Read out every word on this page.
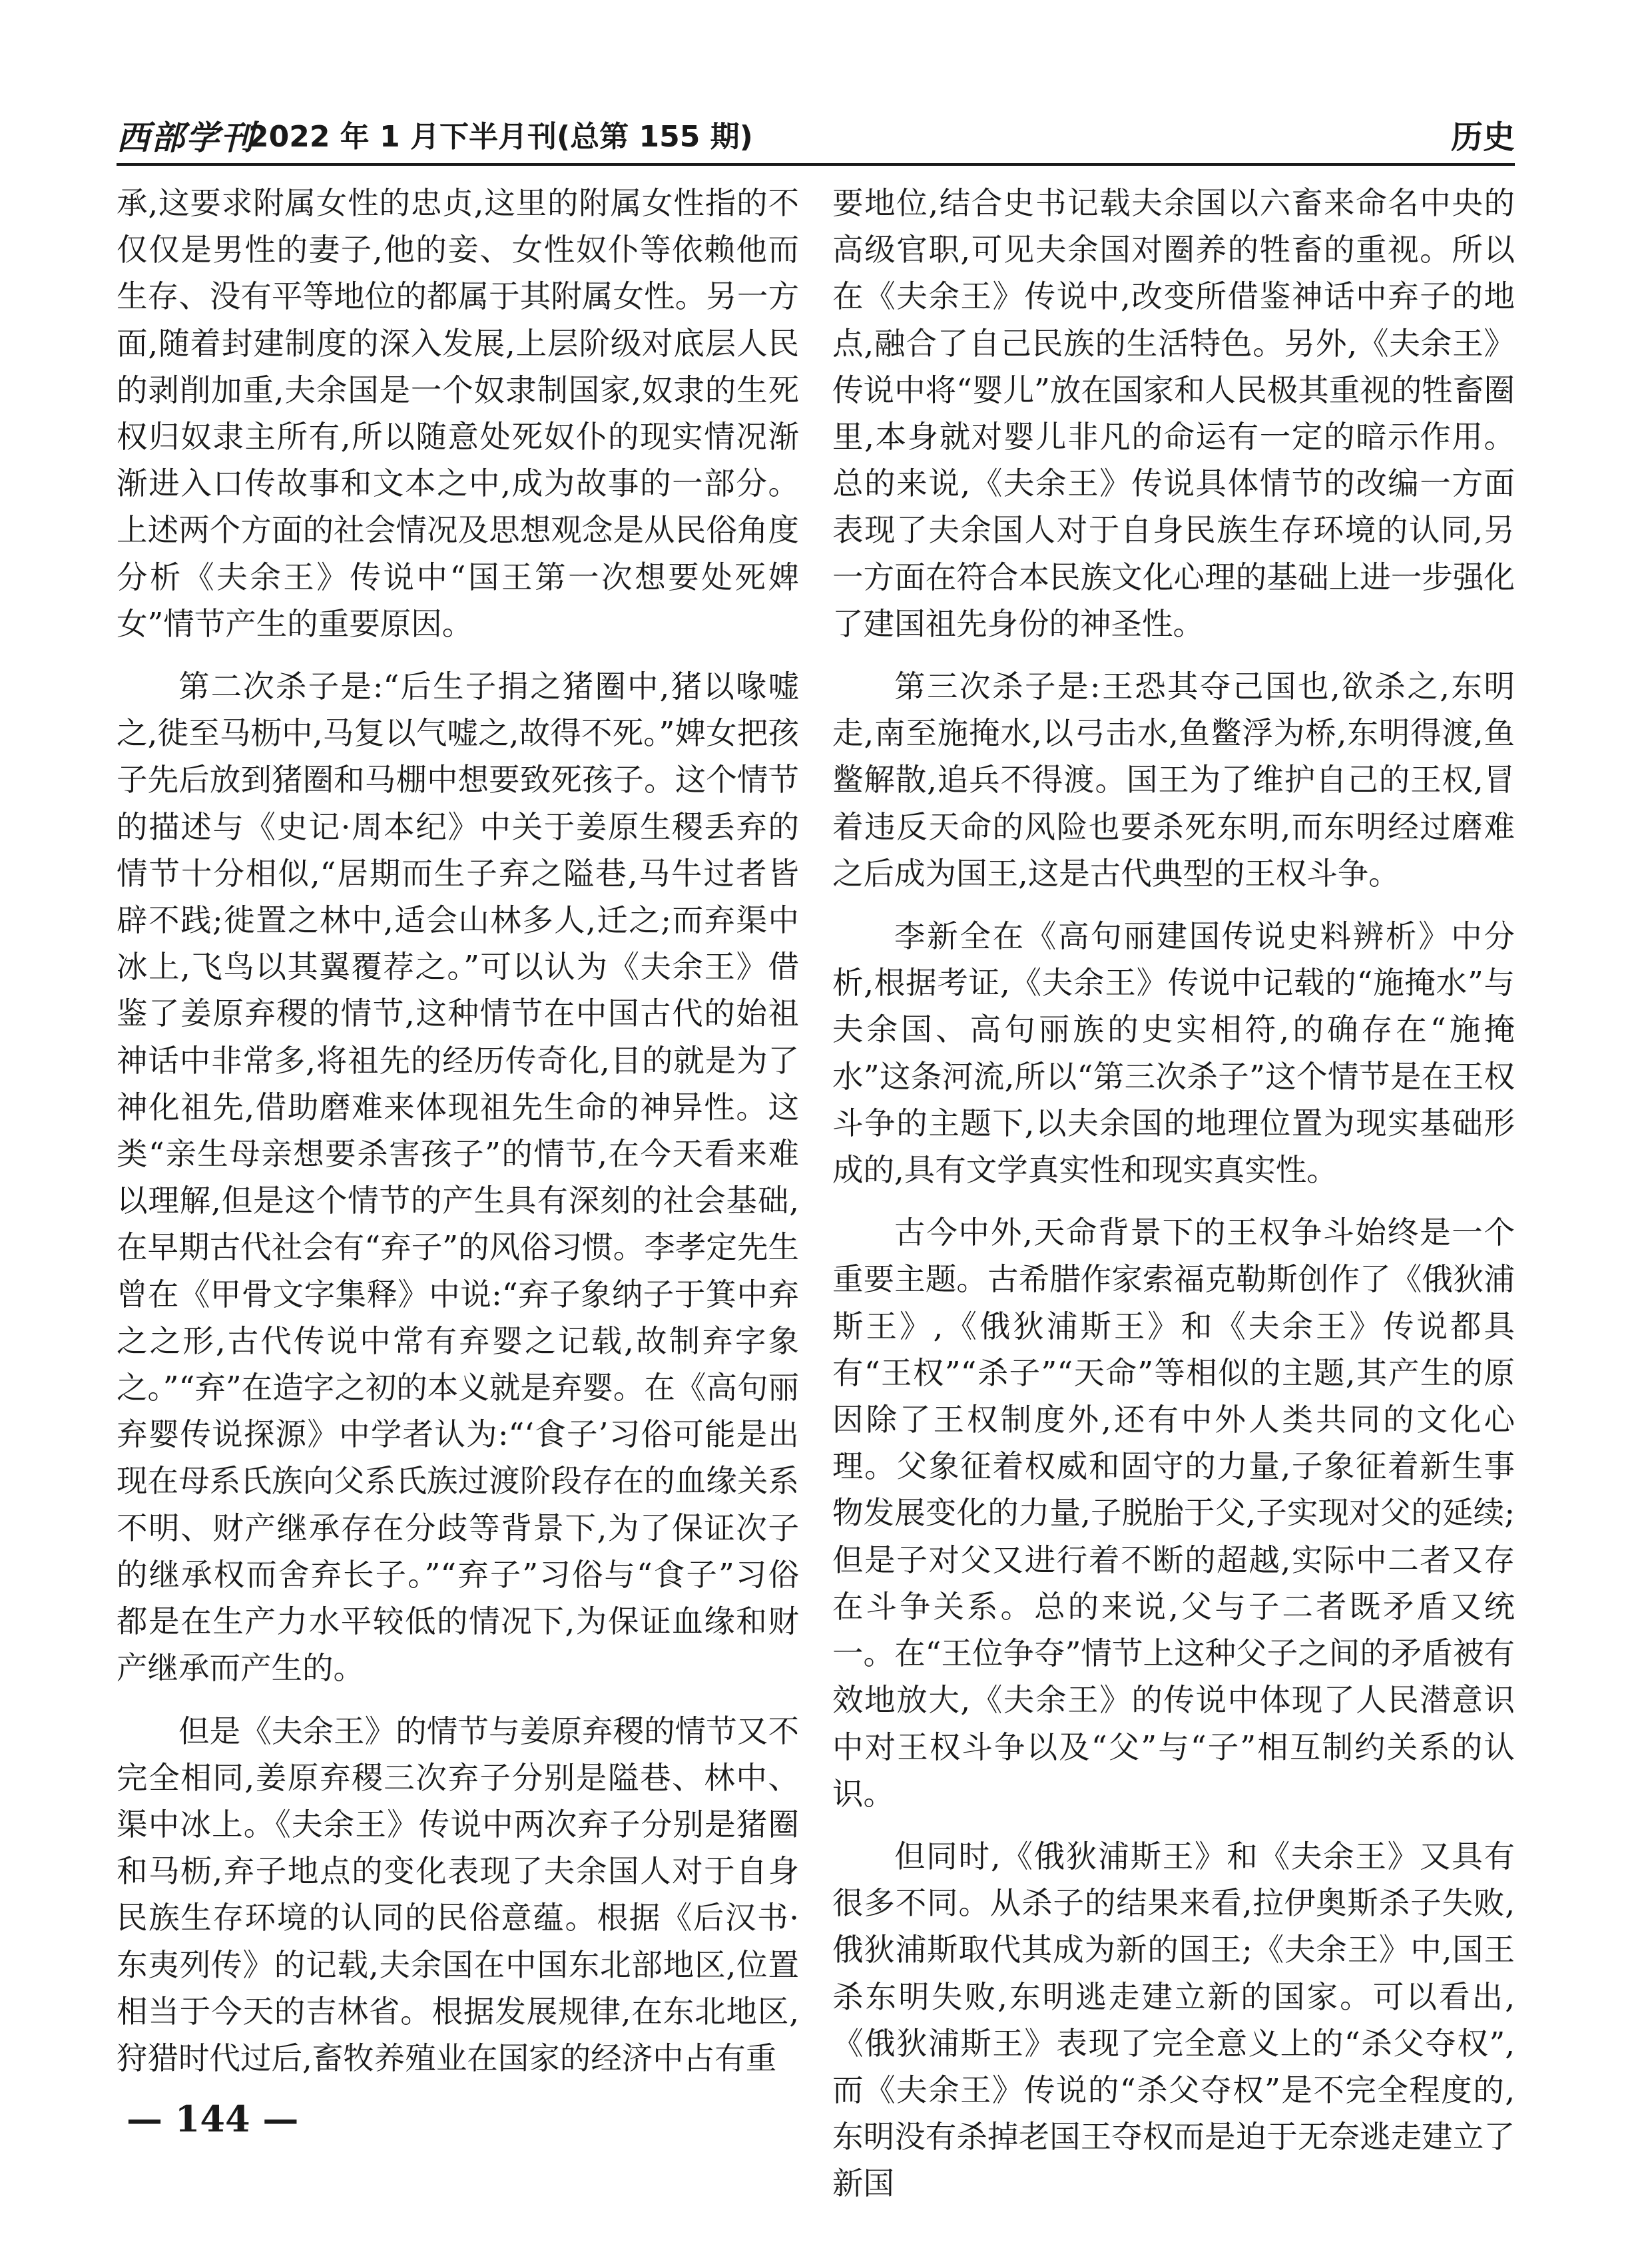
西部学刊
2022 年 1 月下半月刊(总第 155 期)	历史

承,这要求附属女性的忠贞,这里的附属女性指的不仅仅是男性的妻子,他的妾、女性奴仆等依赖他而生存、没有平等地位的都属于其附属女性。另一方面,随着封建制度的深入发展,上层阶级对底层人民的剥削加重,夫余国是一个奴隶制国家,奴隶的生死权归奴隶主所有,所以随意处死奴仆的现实情况渐渐进入口传故事和文本之中,成为故事的一部分。上述两个方面的社会情况及思想观念是从民俗角度分析《夫余王》传说中“国王第一次想要处死婢女”情节产生的重要原因。

第二次杀子是:“后生子捐之猪圈中,猪以喙嘘之,徙至马枥中,马复以气嘘之,故得不死。”婢女把孩子先后放到猪圈和马棚中想要致死孩子。这个情节的描述与《史记·周本纪》中关于姜原生稷丢弃的情节十分相似,“居期而生子弃之隘巷,马牛过者皆辟不践;徙置之林中,适会山林多人,迁之;而弃渠中冰上,飞鸟以其翼覆荐之。”可以认为《夫余王》借鉴了姜原弃稷的情节,这种情节在中国古代的始祖神话中非常多,将祖先的经历传奇化,目的就是为了神化祖先,借助磨难来体现祖先生命的神异性。这类“亲生母亲想要杀害孩子”的情节,在今天看来难以理解,但是这个情节的产生具有深刻的社会基础,在早期古代社会有“弃子”的风俗习惯。李孝定先生曾在《甲骨文字集释》中说:“弃子象纳子于箕中弃之之形,古代传说中常有弃婴之记载,故制弃字象之。”“弃”在造字之初的本义就是弃婴。在《高句丽弃婴传说探源》中学者认为:“‘食子’习俗可能是出现在母系氏族向父系氏族过渡阶段存在的血缘关系不明、财产继承存在分歧等背景下,为了保证次子的继承权而舍弃长子。”“弃子”习俗与“食子”习俗都是在生产力水平较低的情况下,为保证血缘和财产继承而产生的。

但是《夫余王》的情节与姜原弃稷的情节又不完全相同,姜原弃稷三次弃子分别是隘巷、林中、渠中冰上。《夫余王》传说中两次弃子分别是猪圈和马枥,弃子地点的变化表现了夫余国人对于自身民族生存环境的认同的民俗意蕴。根据《后汉书·东夷列传》的记载,夫余国在中国东北部地区,位置相当于今天的吉林省。根据发展规律,在东北地区,狩猎时代过后,畜牧养殖业在国家的经济中占有重

要地位,结合史书记载夫余国以六畜来命名中央的高级官职,可见夫余国对圈养的牲畜的重视。所以在《夫余王》传说中,改变所借鉴神话中弃子的地点,融合了自己民族的生活特色。另外,《夫余王》传说中将“婴儿”放在国家和人民极其重视的牲畜圈里,本身就对婴儿非凡的命运有一定的暗示作用。总的来说,《夫余王》传说具体情节的改编一方面表现了夫余国人对于自身民族生存环境的认同,另一方面在符合本民族文化心理的基础上进一步强化了建国祖先身份的神圣性。

第三次杀子是:王恐其夺己国也,欲杀之,东明走,南至施掩水,以弓击水,鱼鳖浮为桥,东明得渡,鱼鳖解散,追兵不得渡。国王为了维护自己的王权,冒着违反天命的风险也要杀死东明,而东明经过磨难之后成为国王,这是古代典型的王权斗争。

李新全在《高句丽建国传说史料辨析》中分析,根据考证,《夫余王》传说中记载的“施掩水”与夫余国、高句丽族的史实相符,的确存在“施掩水”这条河流,所以“第三次杀子”这个情节是在王权斗争的主题下,以夫余国的地理位置为现实基础形成的,具有文学真实性和现实真实性。

古今中外,天命背景下的王权争斗始终是一个重要主题。古希腊作家索福克勒斯创作了《俄狄浦斯王》,《俄狄浦斯王》和《夫余王》传说都具有“王权”“杀子”“天命”等相似的主题,其产生的原因除了王权制度外,还有中外人类共同的文化心理。父象征着权威和固守的力量,子象征着新生事物发展变化的力量,子脱胎于父,子实现对父的延续;但是子对父又进行着不断的超越,实际中二者又存在斗争关系。总的来说,父与子二者既矛盾又统一。在“王位争夺”情节上这种父子之间的矛盾被有效地放大,《夫余王》的传说中体现了人民潜意识中对王权斗争以及“父”与“子”相互制约关系的认识。

但同时,《俄狄浦斯王》和《夫余王》又具有很多不同。从杀子的结果来看,拉伊奥斯杀子失败,俄狄浦斯取代其成为新的国王;《夫余王》中,国王杀东明失败,东明逃走建立新的国家。可以看出,《俄狄浦斯王》表现了完全意义上的“杀父夺权”,而《夫余王》传说的“杀父夺权”是不完全程度的,东明没有杀掉老国王夺权而是迫于无奈逃走建立了新国

— 144 —
